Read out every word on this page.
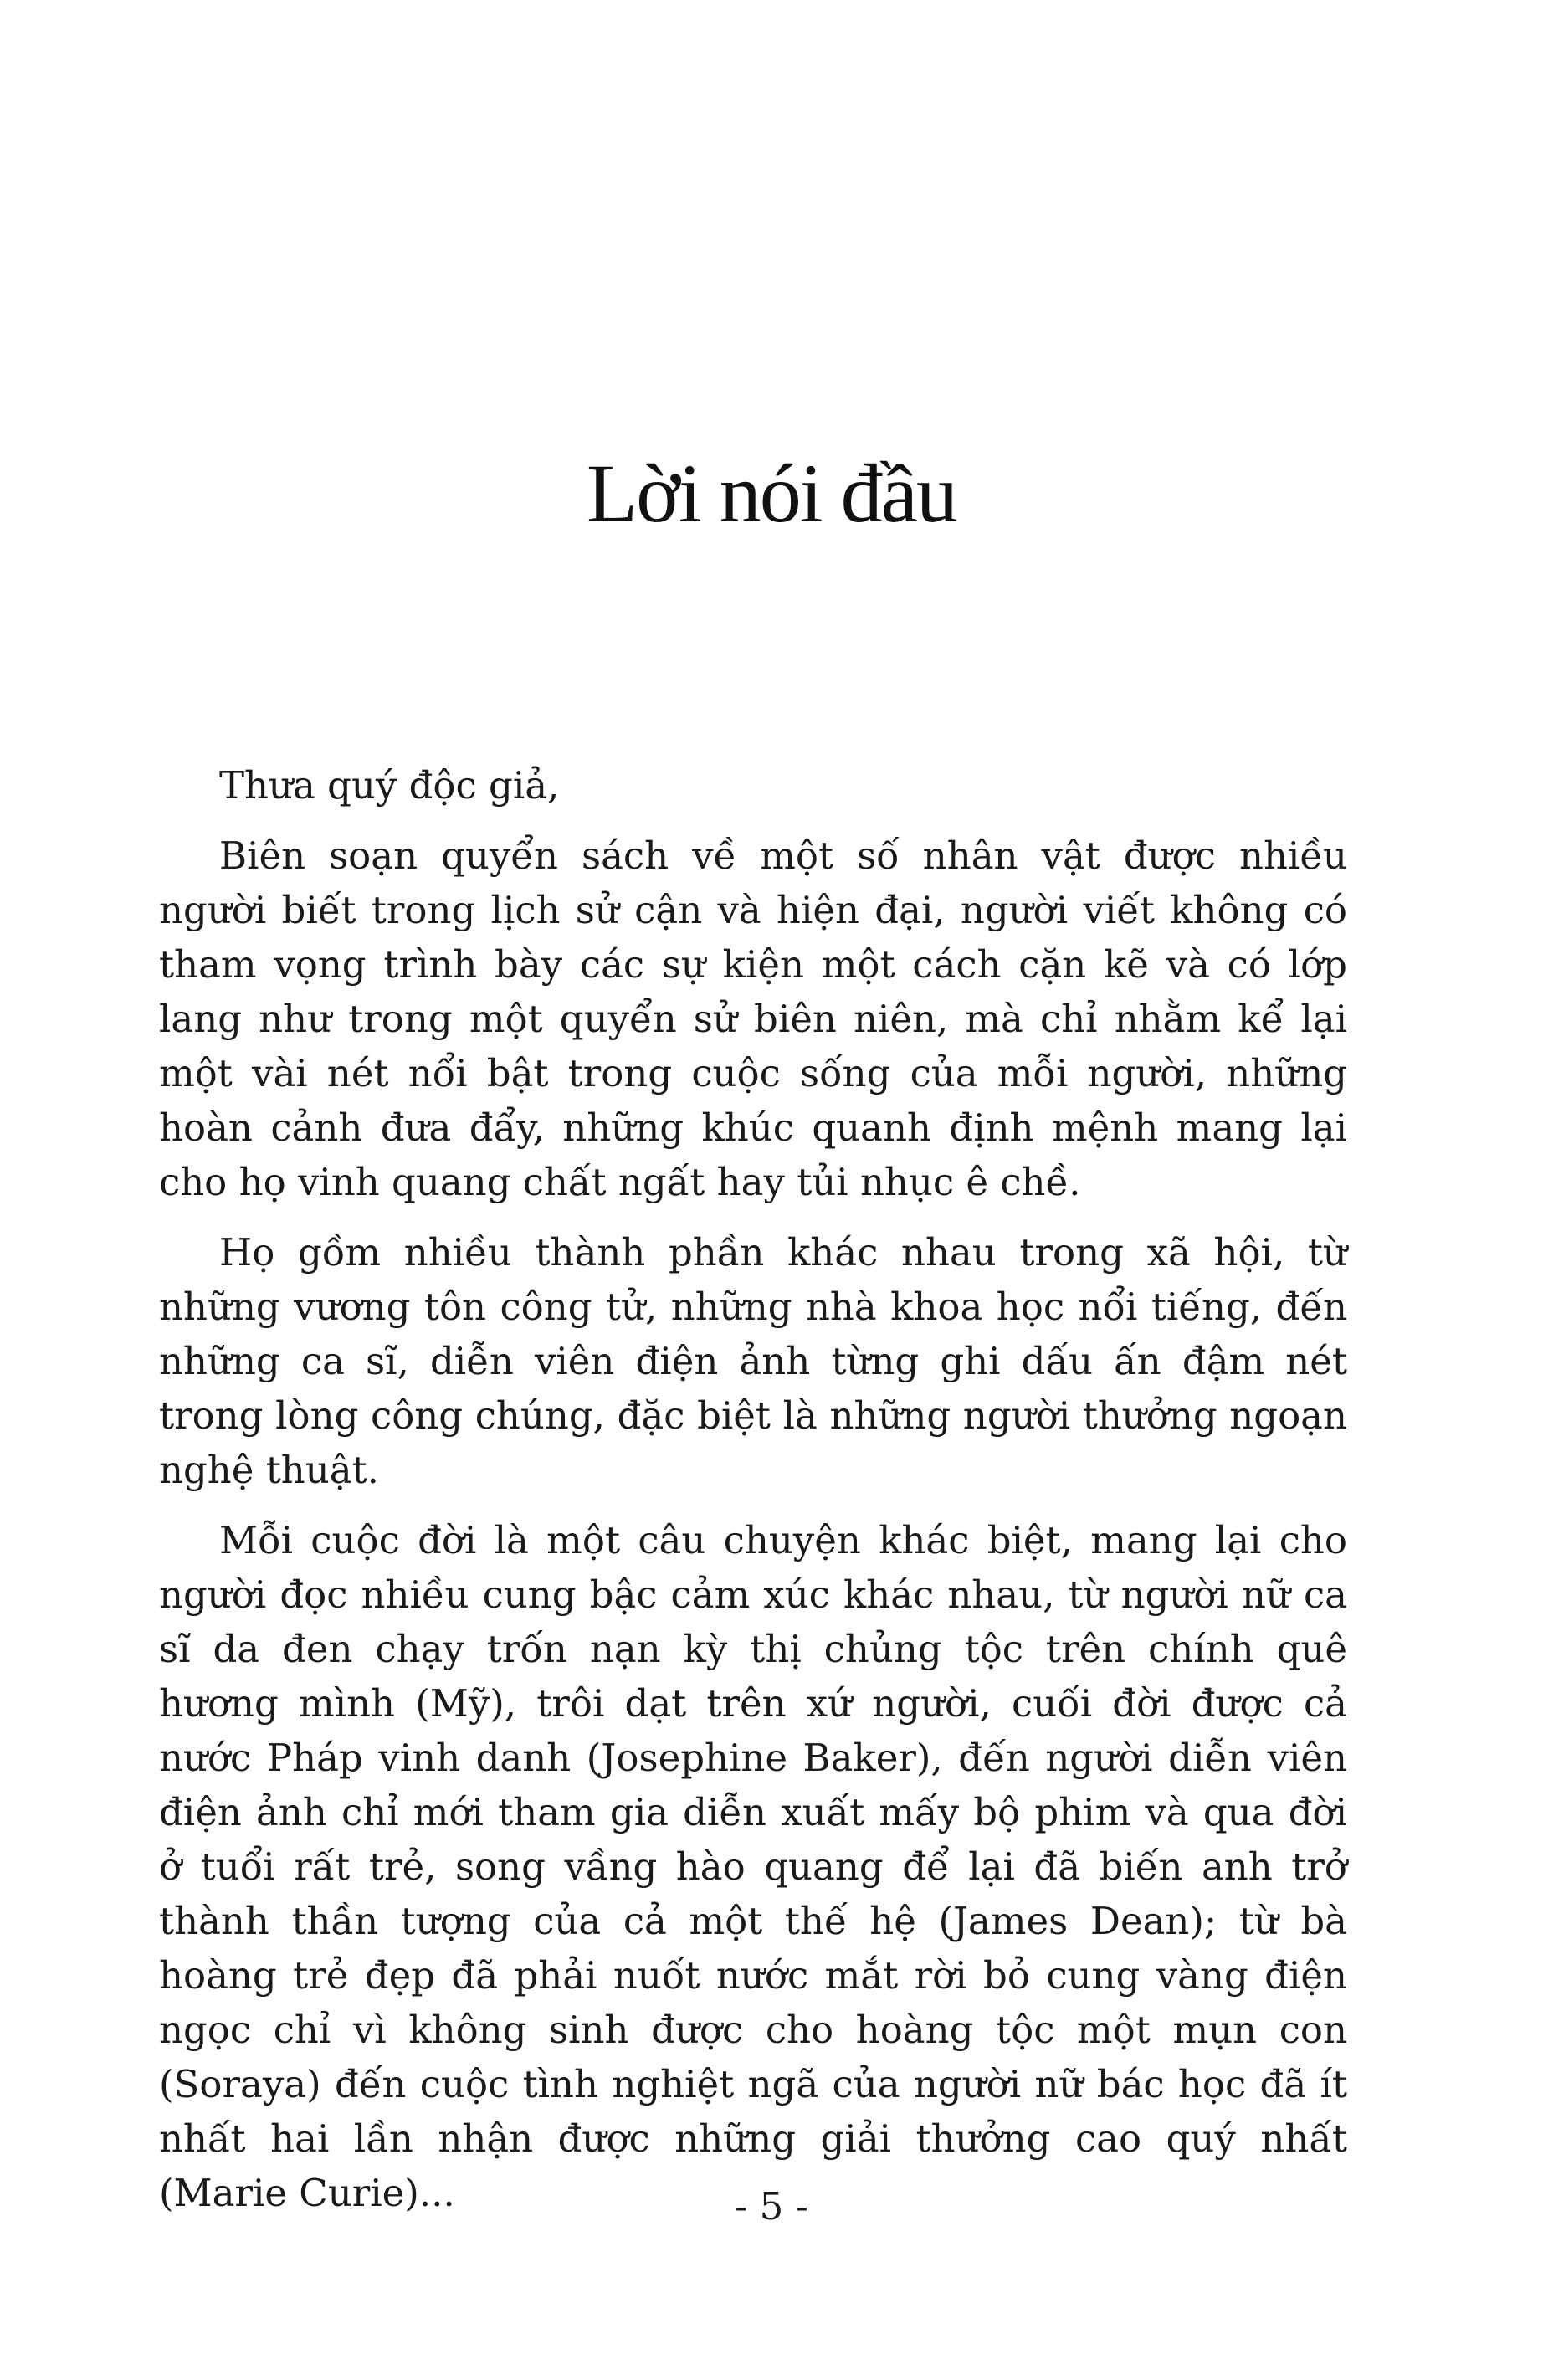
Lời nói đầu

Thưa quý độc giả,

Biên soạn quyển sách về một số nhân vật được nhiều người biết trong lịch sử cận và hiện đại, người viết không có tham vọng trình bày các sự kiện một cách cặn kẽ và có lớp lang như trong một quyển sử biên niên, mà chỉ nhằm kể lại một vài nét nổi bật trong cuộc sống của mỗi người, những hoàn cảnh đưa đẩy, những khúc quanh định mệnh mang lại cho họ vinh quang chất ngất hay tủi nhục ê chề.

Họ gồm nhiều thành phần khác nhau trong xã hội, từ những vương tôn công tử, những nhà khoa học nổi tiếng, đến những ca sĩ, diễn viên điện ảnh từng ghi dấu ấn đậm nét trong lòng công chúng, đặc biệt là những người thưởng ngoạn nghệ thuật.

Mỗi cuộc đời là một câu chuyện khác biệt, mang lại cho người đọc nhiều cung bậc cảm xúc khác nhau, từ người nữ ca sĩ da đen chạy trốn nạn kỳ thị chủng tộc trên chính quê hương mình (Mỹ), trôi dạt trên xứ người, cuối đời được cả nước Pháp vinh danh (Josephine Baker), đến người diễn viên điện ảnh chỉ mới tham gia diễn xuất mấy bộ phim và qua đời ở tuổi rất trẻ, song vầng hào quang để lại đã biến anh trở thành thần tượng của cả một thế hệ (James Dean); từ bà hoàng trẻ đẹp đã phải nuốt nước mắt rời bỏ cung vàng điện ngọc chỉ vì không sinh được cho hoàng tộc một mụn con (Soraya) đến cuộc tình nghiệt ngã của người nữ bác học đã ít nhất hai lần nhận được những giải thưởng cao quý nhất (Marie Curie)...	- 5 -
